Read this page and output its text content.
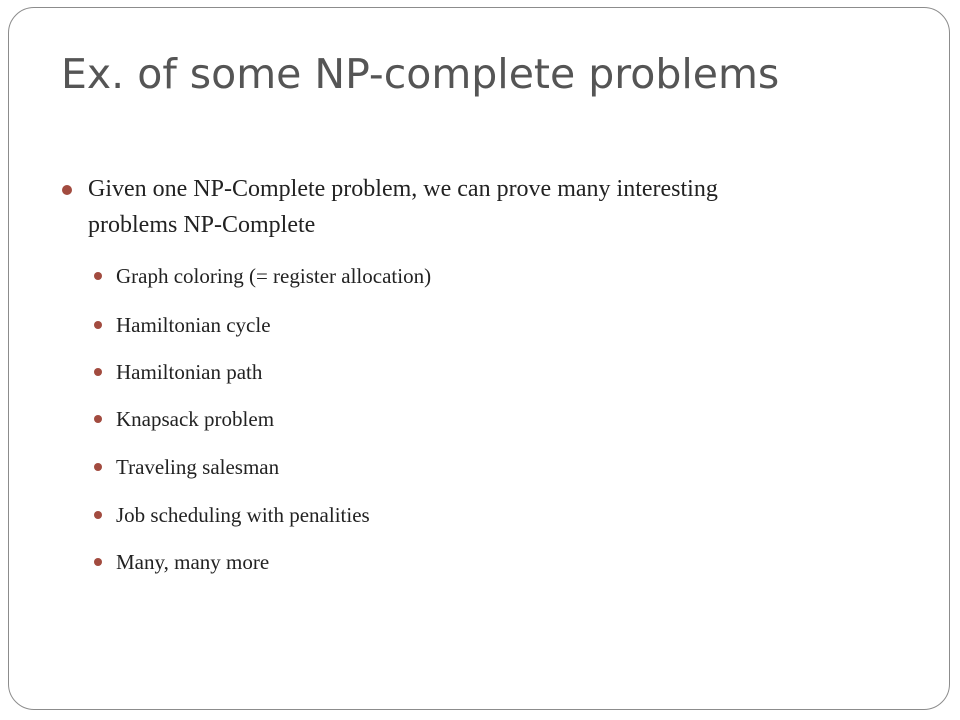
Ex. of some NP-complete problems
Given one NP-Complete problem, we can prove many interesting problems NP-Complete
Graph coloring (= register allocation)
Hamiltonian cycle
Hamiltonian path
Knapsack problem
Traveling salesman
Job scheduling with penalities
Many, many more
